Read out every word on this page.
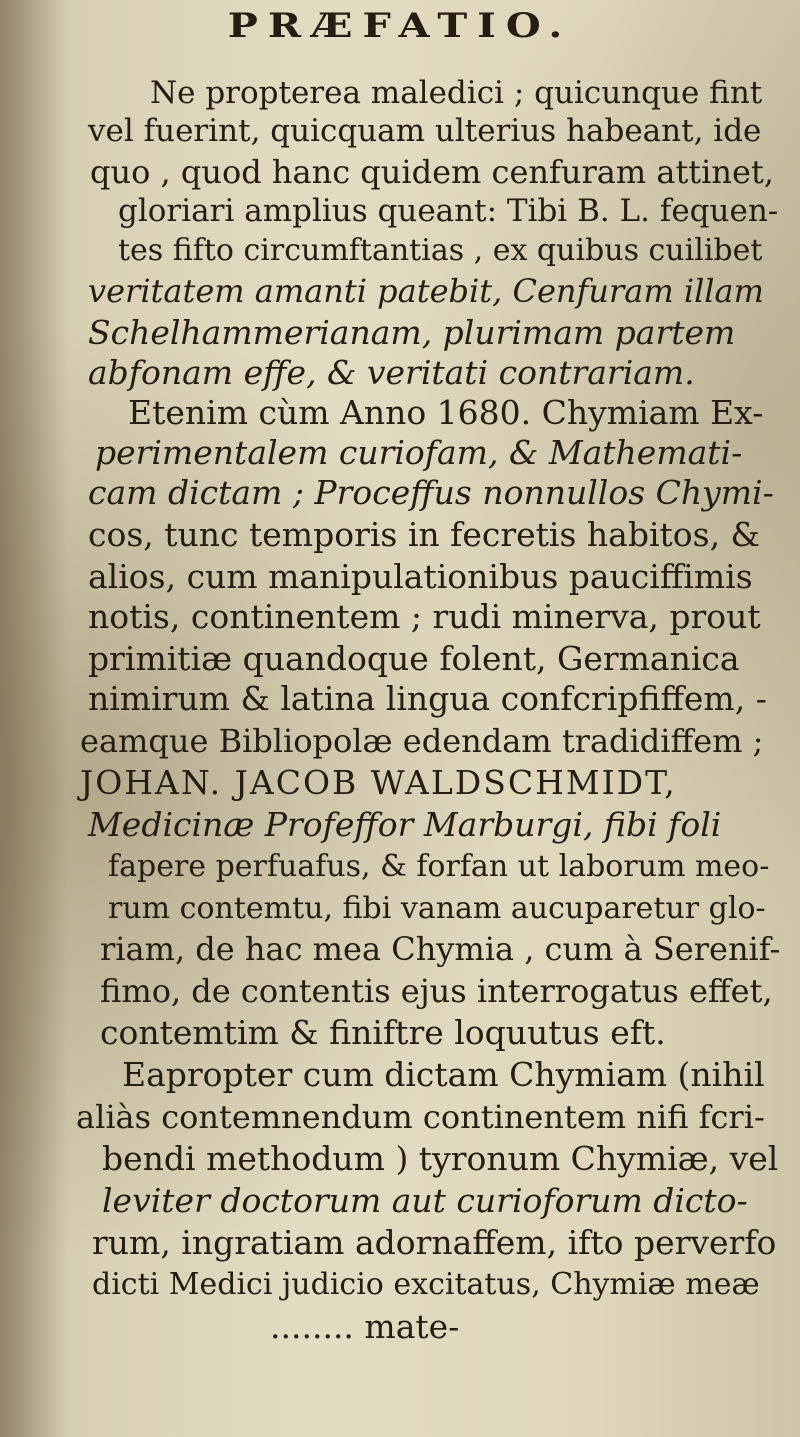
PRÆFATIO.
Ne propterea maledici ; quicunque fint
vel fuerint, quicquam ulterius habeant, ide
quo , quod hanc quidem cenfuram attinet,
gloriari amplius queant: Tibi B. L. fequen-
tes fifto circumftantias , ex quibus cuilibet
veritatem amanti patebit, Cenfuram illam
Schelhammerianam, plurimam partem
abfonam effe, & veritati contrariam.
Etenim cùm Anno 1680. Chymiam Ex-
perimentalem curiofam, & Mathemati-
cam dictam ; Proceffus nonnullos Chymi-
cos, tunc temporis in fecretis habitos, &
alios, cum manipulationibus pauciffimis
notis, continentem ; rudi minerva, prout
primitiæ quandoque folent, Germanica
nimirum & latina lingua confcripfiffem, -
eamque Bibliopolæ edendam tradidiffem ;
JOHAN. JACOB WALDSCHMIDT,
Medicinæ Profeffor Marburgi, fibi foli
fapere perfuafus, & forfan ut laborum meo-
rum contemtu, fibi vanam aucuparetur glo-
riam, de hac mea Chymia , cum à Serenif-
fimo, de contentis ejus interrogatus effet,
contemtim & finiftre loquutus eft.
Eapropter cum dictam Chymiam (nihil
aliàs contemnendum continentem nifi fcri-
bendi methodum ) tyronum Chymiæ, vel
leviter doctorum aut curioforum dicto-
rum, ingratiam adornaffem, ifto perverfo
dicti Medici judicio excitatus, Chymiæ meæ
........ mate-
